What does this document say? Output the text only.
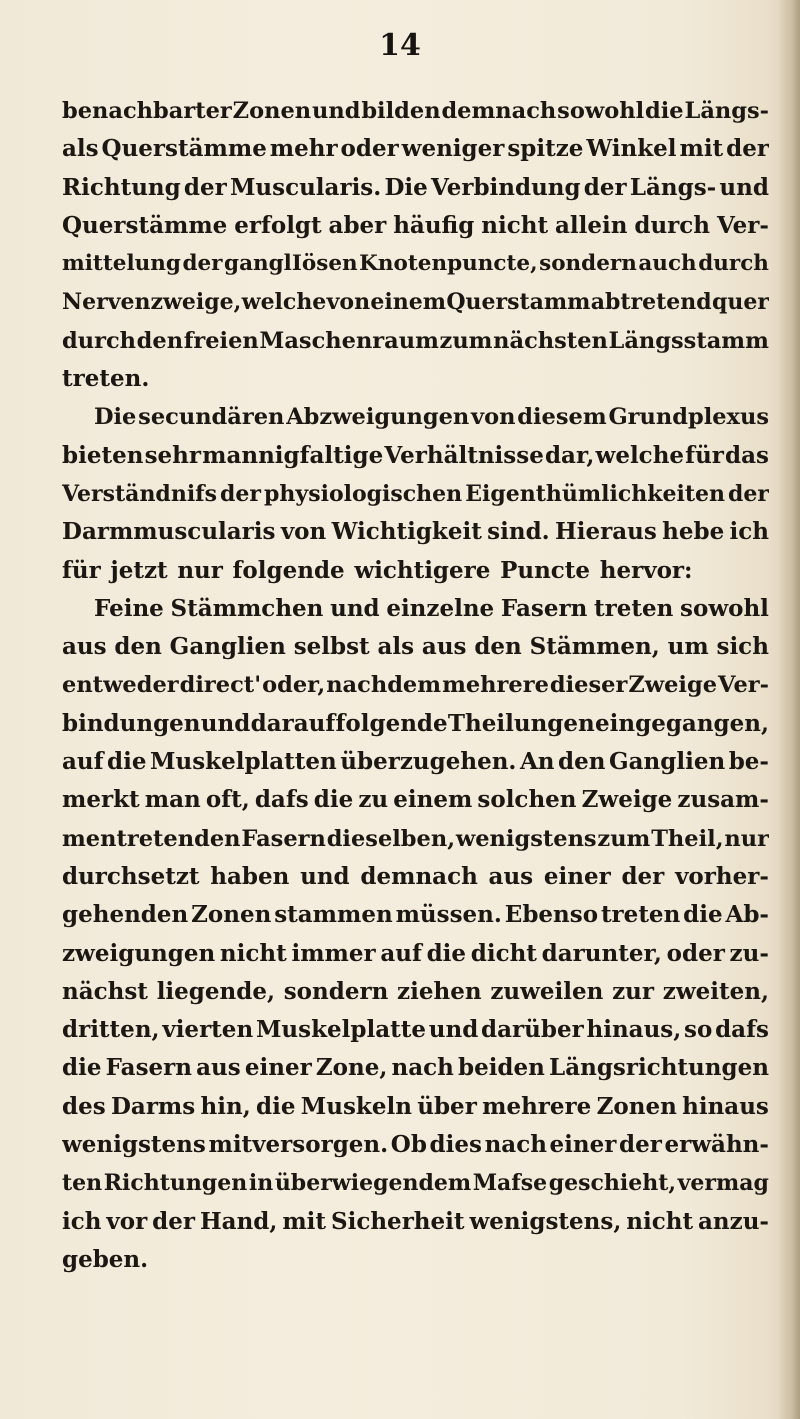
14
benachbarter Zonen und bilden demnach sowohl die Längs-
als Querstämme mehr oder weniger spitze Winkel mit der
Richtung der Muscularis. Die Verbindung der Längs- und
Querstämme erfolgt aber häufig nicht allein durch Ver-
mittelung der ganglIösen Knotenpuncte, sondern auch durch
Nervenzweige, welche von einem Querstamm abtretend quer
durch den freien Maschenraum zum nächsten Längsstamm
treten.
Die secundären Abzweigungen von diesem Grundplexus
bieten sehr mannigfaltige Verhältnisse dar, welche für das
Verständnifs der physiologischen Eigenthümlichkeiten der
Darmmuscularis von Wichtigkeit sind. Hieraus hebe ich
für jetzt nur folgende wichtigere Puncte hervor:
Feine Stämmchen und einzelne Fasern treten sowohl
aus den Ganglien selbst als aus den Stämmen, um sich
entweder direct' oder, nachdem mehrere dieser Zweige Ver-
bindungen und darauf folgende Theilungen eingegangen,
auf die Muskelplatten überzugehen. An den Ganglien be-
merkt man oft, dafs die zu einem solchen Zweige zusam-
mentretenden Fasern dieselben, wenigstens zum Theil, nur
durchsetzt haben und demnach aus einer der vorher-
gehenden Zonen stammen müssen. Ebenso treten die Ab-
zweigungen nicht immer auf die dicht darunter, oder zu-
nächst liegende, sondern ziehen zuweilen zur zweiten,
dritten, vierten Muskelplatte und darüber hinaus, so dafs
die Fasern aus einer Zone, nach beiden Längsrichtungen
des Darms hin, die Muskeln über mehrere Zonen hinaus
wenigstens mitversorgen. Ob dies nach einer der erwähn-
ten Richtungen in überwiegendem Mafse geschieht, vermag
ich vor der Hand, mit Sicherheit wenigstens, nicht anzu-
geben.
